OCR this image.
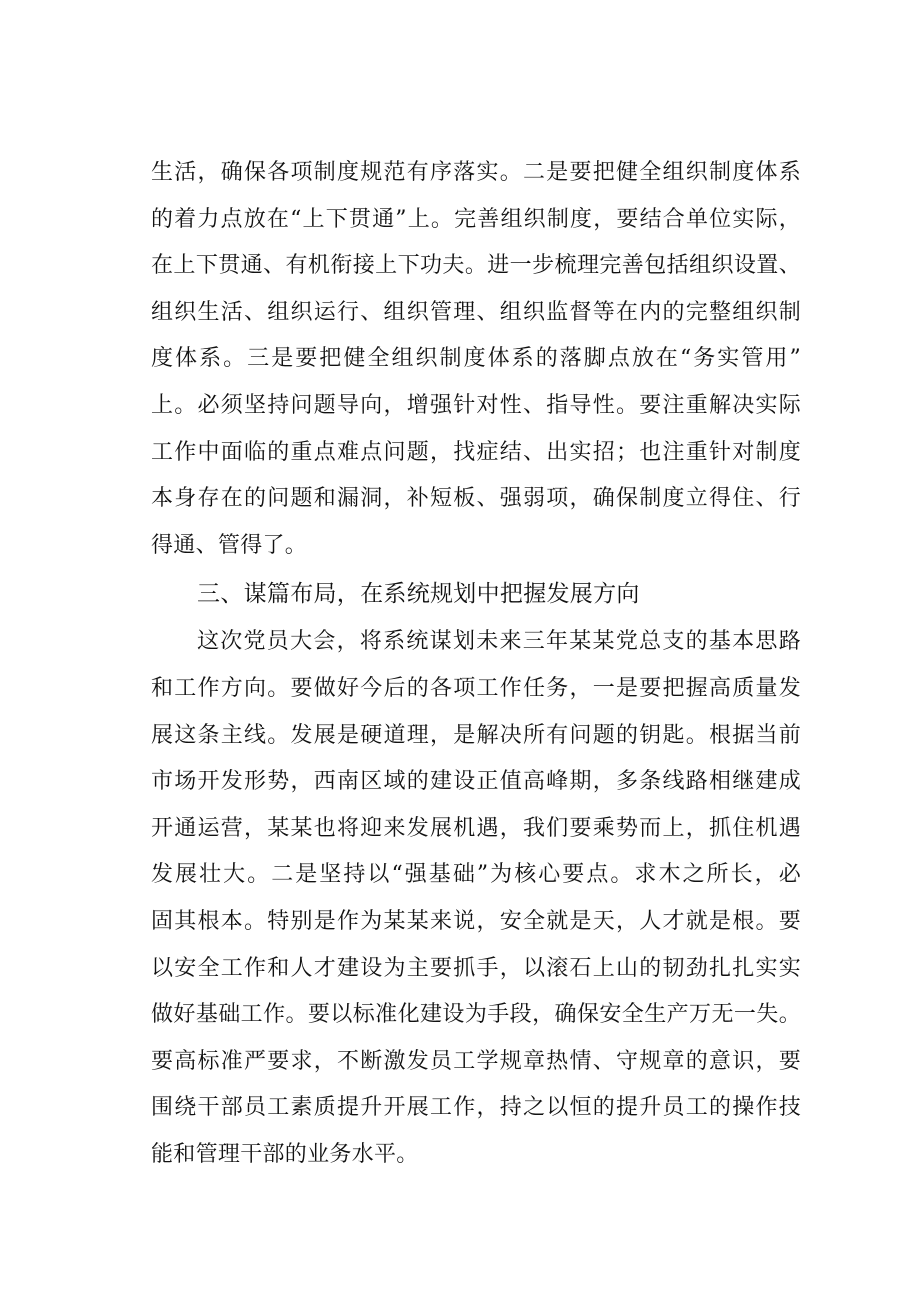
生活，确保各项制度规范有序落实。二是要把健全组织制度体系
的着力点放在“上下贯通”上。完善组织制度，要结合单位实际，
在上下贯通、有机衔接上下功夫。进一步梳理完善包括组织设置、
组织生活、组织运行、组织管理、组织监督等在内的完整组织制
度体系。三是要把健全组织制度体系的落脚点放在“务实管用”
上。必须坚持问题导向，增强针对性、指导性。要注重解决实际
工作中面临的重点难点问题，找症结、出实招；也注重针对制度
本身存在的问题和漏洞，补短板、强弱项，确保制度立得住、行
得通、管得了。
三、谋篇布局，在系统规划中把握发展方向
这次党员大会，将系统谋划未来三年某某党总支的基本思路
和工作方向。要做好今后的各项工作任务，一是要把握高质量发
展这条主线。发展是硬道理，是解决所有问题的钥匙。根据当前
市场开发形势，西南区域的建设正值高峰期，多条线路相继建成
开通运营，某某也将迎来发展机遇，我们要乘势而上，抓住机遇
发展壮大。二是坚持以“强基础”为核心要点。求木之所长，必
固其根本。特别是作为某某来说，安全就是天，人才就是根。要
以安全工作和人才建设为主要抓手，以滚石上山的韧劲扎扎实实
做好基础工作。要以标准化建设为手段，确保安全生产万无一失。
要高标准严要求，不断激发员工学规章热情、守规章的意识，要
围绕干部员工素质提升开展工作，持之以恒的提升员工的操作技
能和管理干部的业务水平。
